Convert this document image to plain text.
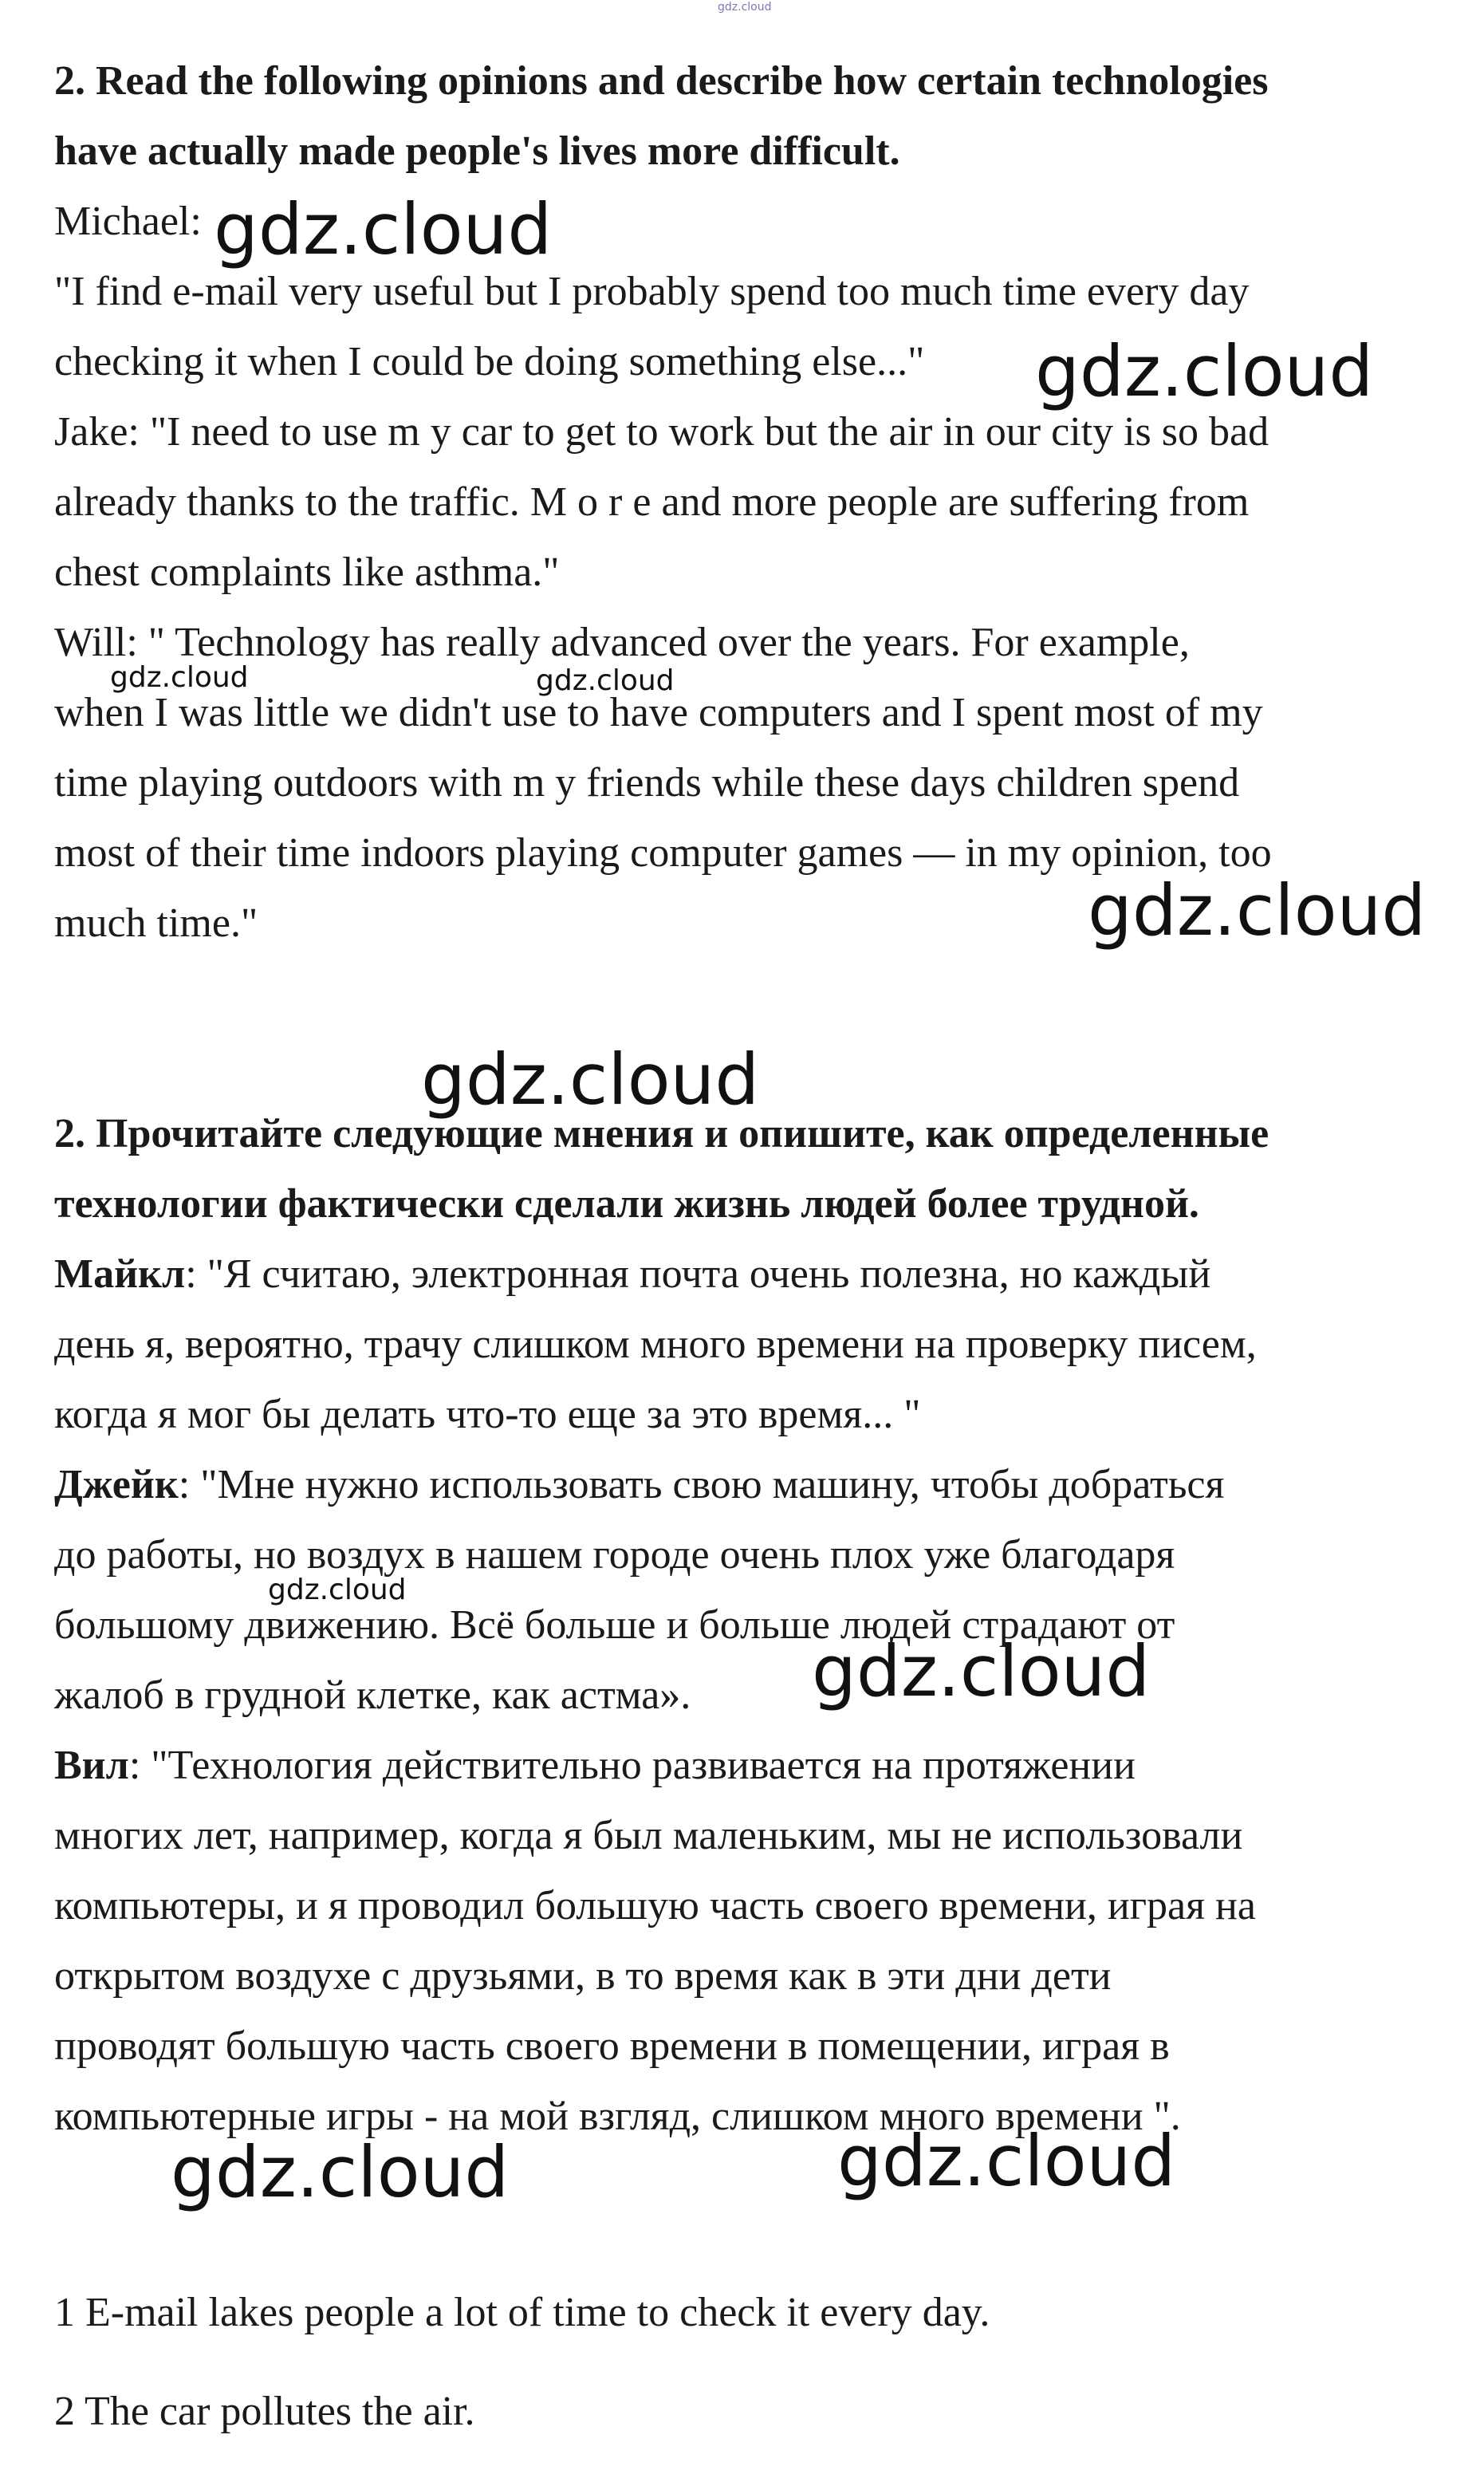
gdz.cloud
2. Read the following opinions and describe how certain technologies
have actually made people's lives more difficult.
Michael:
"I find e-mail very useful but I probably spend too much time every day
checking it when I could be doing something else..."
Jake: "I need to use m y car to get to work but the air in our city is so bad
already thanks to the traffic. M o r e and more people are suffering from
chest complaints like asthma."
Will: " Technology has really advanced over the years. For example,
when I was little we didn't use to have computers and I spent most of my
time playing outdoors with m y friends while these days children spend
most of their time indoors playing computer games — in my opinion, too
much time."
2. Прочитайте следующие мнения и опишите, как определенные
технологии фактически сделали жизнь людей более трудной.
Майкл: "Я считаю, электронная почта очень полезна, но каждый
день я, вероятно, трачу слишком много времени на проверку писем,
когда я мог бы делать что-то еще за это время... "
Джейк: "Мне нужно использовать свою машину, чтобы добраться
до работы, но воздух в нашем городе очень плох уже благодаря
большому движению. Всё больше и больше людей страдают от
жалоб в грудной клетке, как астма».
Вил: "Технология действительно развивается на протяжении
многих лет, например, когда я был маленьким, мы не использовали
компьютеры, и я проводил большую часть своего времени, играя на
открытом воздухе с друзьями, в то время как в эти дни дети
проводят большую часть своего времени в помещении, играя в
компьютерные игры - на мой взгляд, слишком много времени ".
1 E-mail lakes people a lot of time to check it every day.
2 The car pollutes the air.
gdz.cloud
gdz.cloud
gdz.cloud	gdz.cloud
gdz.cloud
gdz.cloud
gdz.cloud
gdz.cloud
gdz.cloud
gdz.cloud
